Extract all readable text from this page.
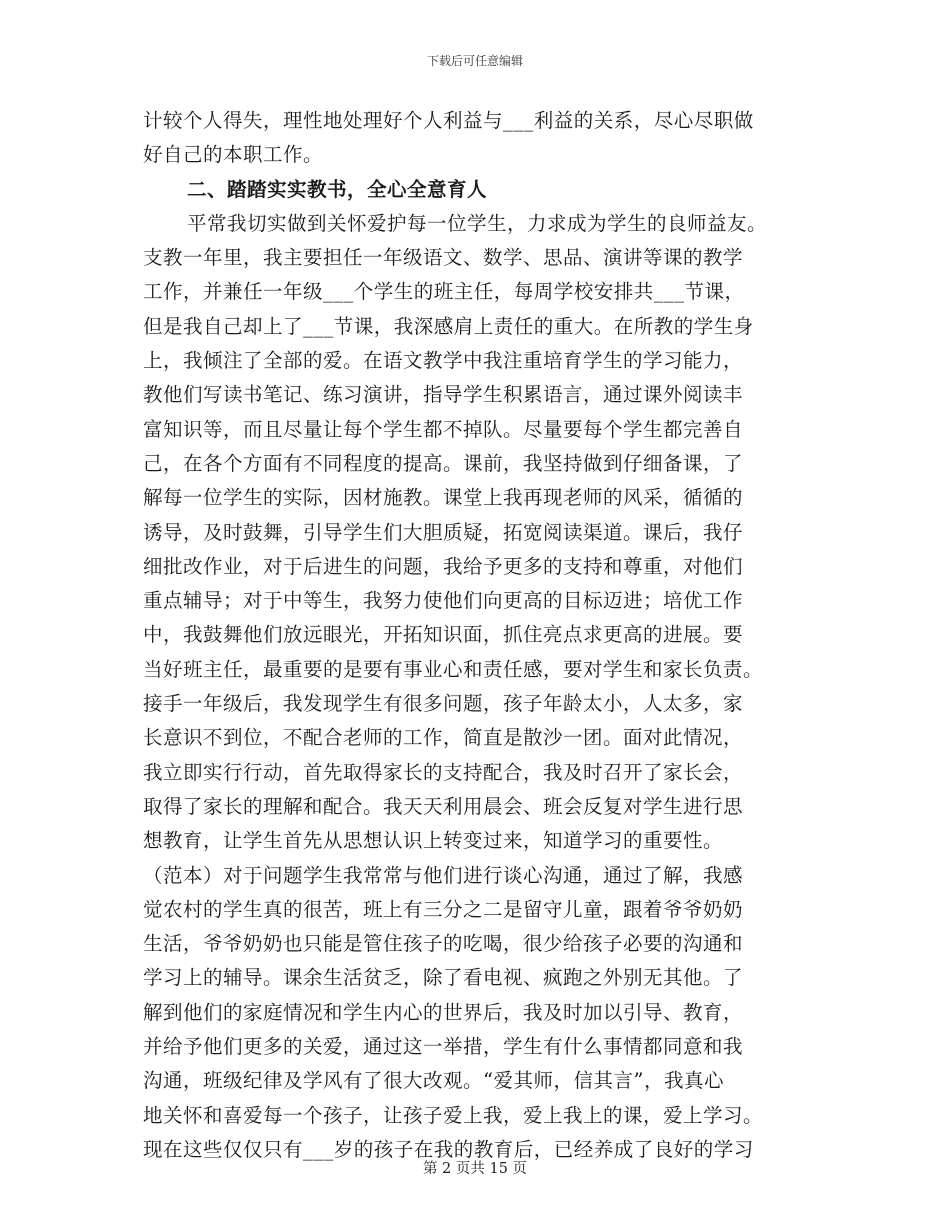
下载后可任意编辑
计较个人得失，理性地处理好个人利益与___利益的关系，尽心尽职做
好自己的本职工作。
二、踏踏实实教书，全心全意育人
平常我切实做到关怀爱护每一位学生，力求成为学生的良师益友。
支教一年里，我主要担任一年级语文、数学、思品、演讲等课的教学
工作，并兼任一年级___个学生的班主任，每周学校安排共___节课，
但是我自己却上了___节课，我深感肩上责任的重大。在所教的学生身
上，我倾注了全部的爱。在语文教学中我注重培育学生的学习能力，
教他们写读书笔记、练习演讲，指导学生积累语言，通过课外阅读丰
富知识等，而且尽量让每个学生都不掉队。尽量要每个学生都完善自
己，在各个方面有不同程度的提高。课前，我坚持做到仔细备课，了
解每一位学生的实际，因材施教。课堂上我再现老师的风采，循循的
诱导，及时鼓舞，引导学生们大胆质疑，拓宽阅读渠道。课后，我仔
细批改作业，对于后进生的问题，我给予更多的支持和尊重，对他们
重点辅导；对于中等生，我努力使他们向更高的目标迈进；培优工作
中，我鼓舞他们放远眼光，开拓知识面，抓住亮点求更高的进展。要
当好班主任，最重要的是要有事业心和责任感，要对学生和家长负责。
接手一年级后，我发现学生有很多问题，孩子年龄太小，人太多，家
长意识不到位，不配合老师的工作，简直是散沙一团。面对此情况，
我立即实行行动，首先取得家长的支持配合，我及时召开了家长会，
取得了家长的理解和配合。我天天利用晨会、班会反复对学生进行思
想教育，让学生首先从思想认识上转变过来，知道学习的重要性。
（范本）对于问题学生我常常与他们进行谈心沟通，通过了解，我感
觉农村的学生真的很苦，班上有三分之二是留守儿童，跟着爷爷奶奶
生活，爷爷奶奶也只能是管住孩子的吃喝，很少给孩子必要的沟通和
学习上的辅导。课余生活贫乏，除了看电视、疯跑之外别无其他。了
解到他们的家庭情况和学生内心的世界后，我及时加以引导、教育，
并给予他们更多的关爱，通过这一举措，学生有什么事情都同意和我
沟通，班级纪律及学风有了很大改观。“爱其师，信其言”，我真心
地关怀和喜爱每一个孩子，让孩子爱上我，爱上我上的课，爱上学习。
现在这些仅仅只有___岁的孩子在我的教育后，已经养成了良好的学习
第 2 页共 15 页
